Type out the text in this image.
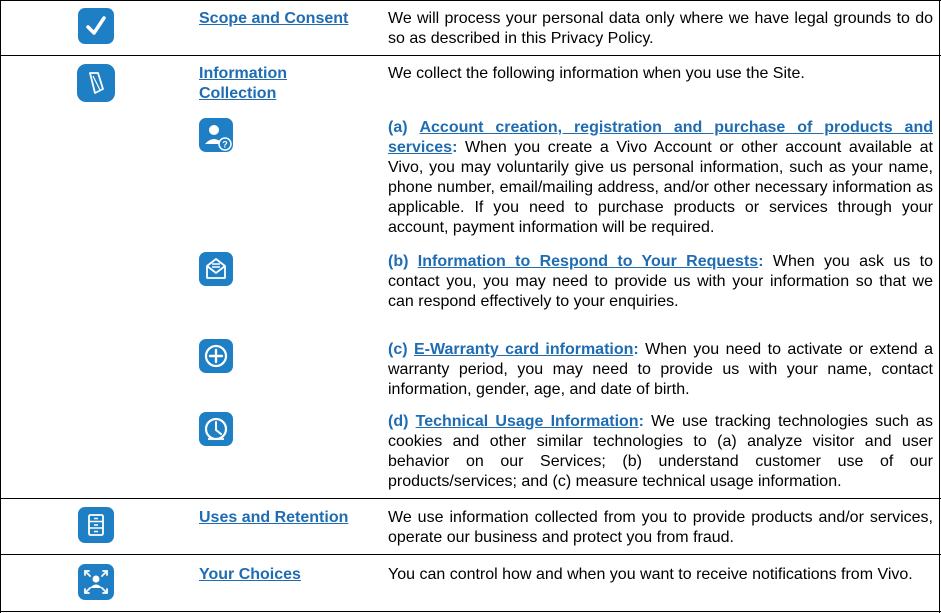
Scope and Consent We will process your personal data only where we have legal grounds to do so as described in this Privacy Policy.
Information
Collection
We collect the following information when you use the Site.
?
(a) Account creation, registration and purchase of products and services: When you create a Vivo Account or other account available at Vivo, you may voluntarily give us personal information, such as your name, phone number, email/mailing address, and/or other necessary information as applicable. If you need to purchase products or services through your account, payment information will be required.
(b) Information to Respond to Your Requests: When you ask us to contact you, you may need to provide us with your information so that we can respond effectively to your enquiries.
(c) E-Warranty card information: When you need to activate or extend a warranty period, you may need to provide us with your name, contact information, gender, age, and date of birth.
(d) Technical Usage Information: We use tracking technologies such as cookies and other similar technologies to (a) analyze visitor and user behavior on our Services; (b) understand customer use of our products/services; and (c) measure technical usage information.
Uses and Retention We use information collected from you to provide products and/or services, operate our business and protect you from fraud.
Your Choices	You can control how and when you want to receive notifications from Vivo.
